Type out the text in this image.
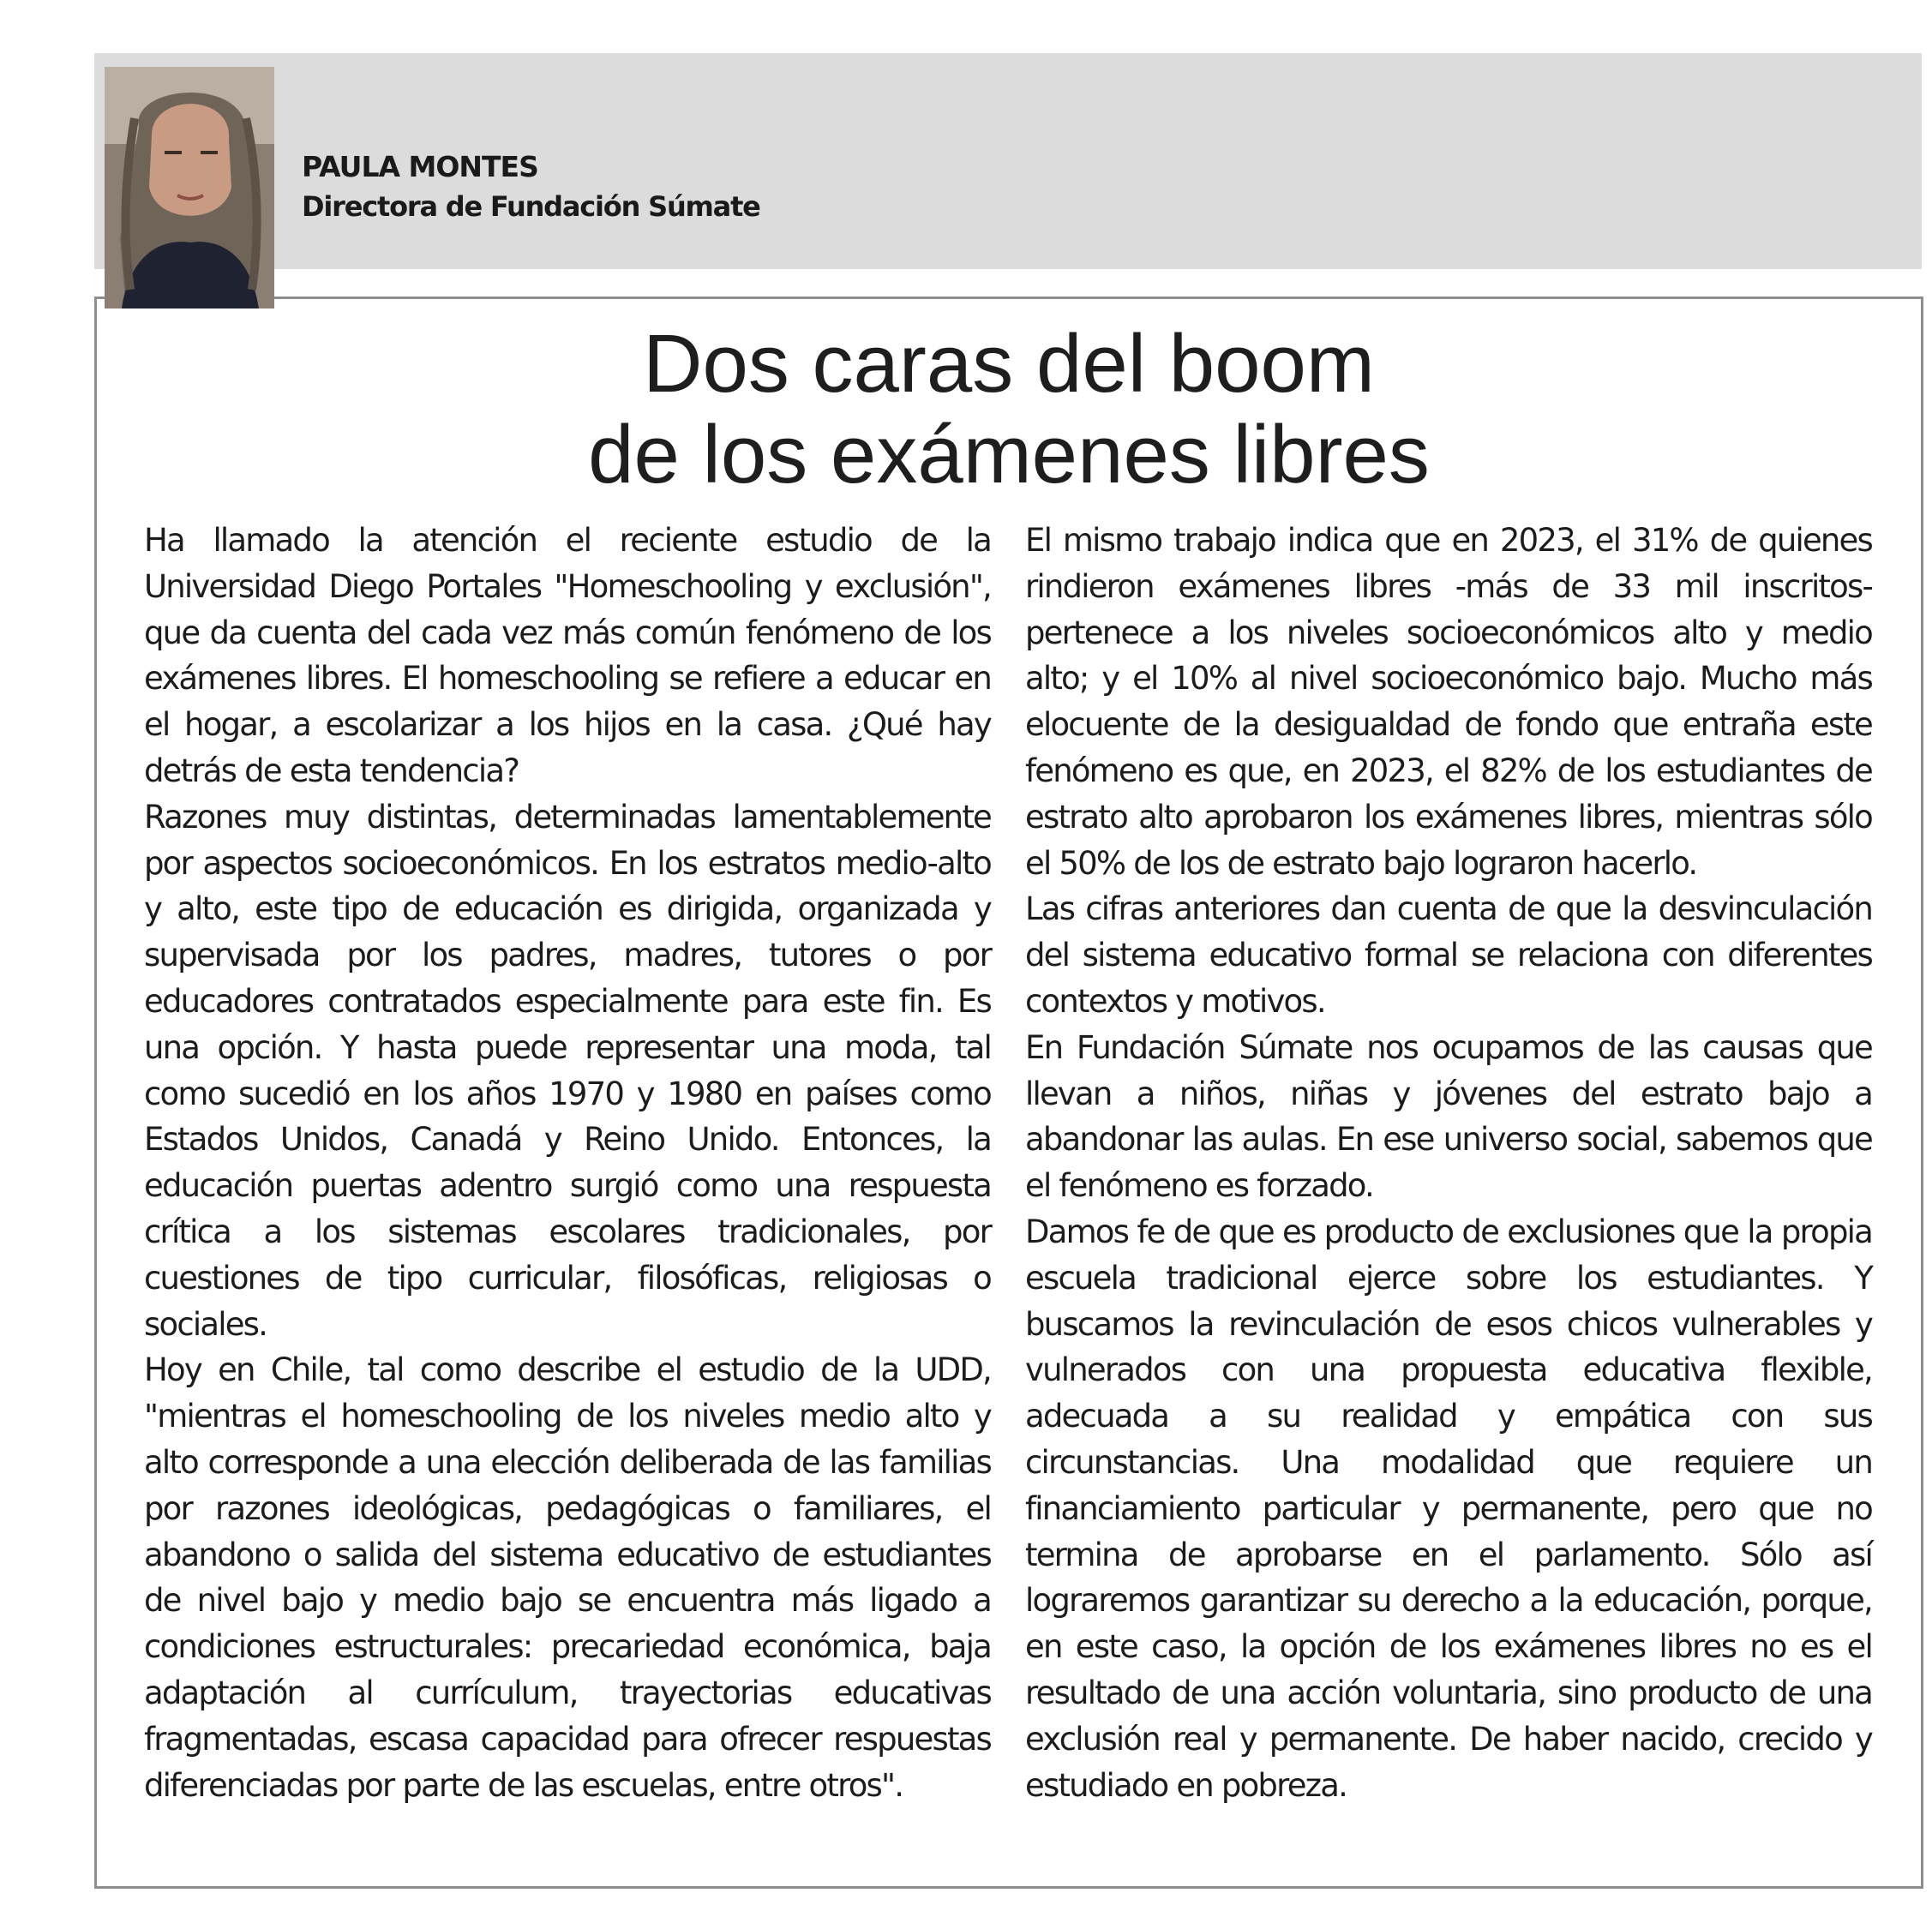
PAULA MONTES
Directora de Fundación Súmate
Dos caras del boom
de los exámenes libres

Ha llamado la atención el reciente estudio de la Universidad Diego Portales "Homeschooling y exclusión", que da cuenta del cada vez más común fenómeno de los exámenes libres. El homeschooling se refiere a educar en el hogar, a escolarizar a los hijos en la casa. ¿Qué hay detrás de esta tendencia?

Razones muy distintas, determinadas lamentablemente por aspectos socioeconómicos. En los estratos medio-alto y alto, este tipo de educación es dirigida, organizada y supervisada por los padres, madres, tutores o por educadores contratados especialmente para este fin. Es una opción. Y hasta puede representar una moda, tal como sucedió en los años 1970 y 1980 en países como Estados Unidos, Canadá y Reino Unido. Entonces, la educación puertas adentro surgió como una respuesta crítica a los sistemas escolares tradicionales, por cuestiones de tipo curricular, filosóficas, religiosas o sociales.

Hoy en Chile, tal como describe el estudio de la UDD, "mientras el homeschooling de los niveles medio alto y alto corresponde a una elección deliberada de las familias por razones ideológicas, pedagógicas o familiares, el abandono o salida del sistema educativo de estudiantes de nivel bajo y medio bajo se encuentra más ligado a condiciones estructurales: precariedad económica, baja adaptación al currículum, trayectorias educativas fragmentadas, escasa capacidad para ofrecer respuestas diferenciadas por parte de las escuelas, entre otros".

El mismo trabajo indica que en 2023, el 31% de quienes rindieron exámenes libres -más de 33 mil inscritos- pertenece a los niveles socioeconómicos alto y medio alto; y el 10% al nivel socioeconómico bajo. Mucho más elocuente de la desigualdad de fondo que entraña este fenómeno es que, en 2023, el 82% de los estudiantes de estrato alto aprobaron los exámenes libres, mientras sólo el 50% de los de estrato bajo lograron hacerlo.

Las cifras anteriores dan cuenta de que la desvinculación del sistema educativo formal se relaciona con diferentes contextos y motivos.

En Fundación Súmate nos ocupamos de las causas que llevan a niños, niñas y jóvenes del estrato bajo a abandonar las aulas. En ese universo social, sabemos que el fenómeno es forzado.

Damos fe de que es producto de exclusiones que la propia escuela tradicional ejerce sobre los estudiantes. Y buscamos la revinculación de esos chicos vulnerables y vulnerados con una propuesta educativa flexible, adecuada a su realidad y empática con sus circunstancias. Una modalidad que requiere un financiamiento particular y permanente, pero que no termina de aprobarse en el parlamento. Sólo así lograremos garantizar su derecho a la educación, porque, en este caso, la opción de los exámenes libres no es el resultado de una acción voluntaria, sino producto de una exclusión real y permanente. De haber nacido, crecido y estudiado en pobreza.
